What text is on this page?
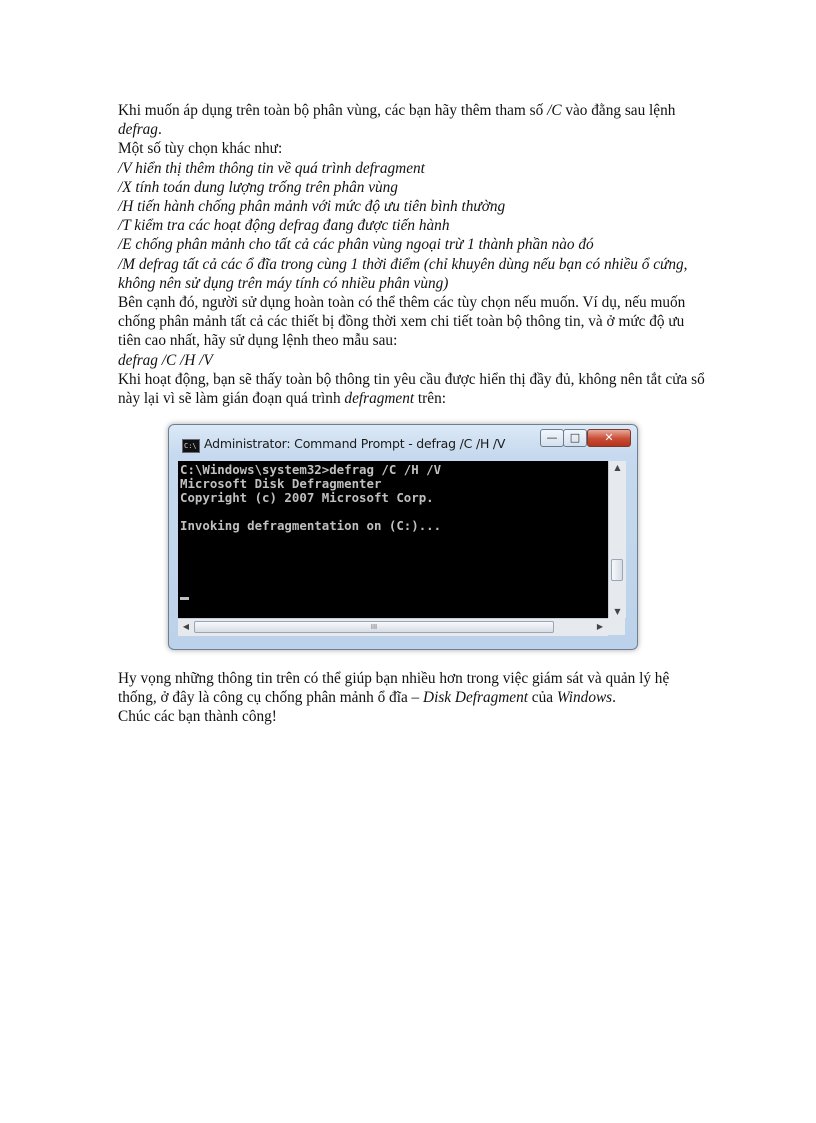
Khi muốn áp dụng trên toàn bộ phân vùng, các bạn hãy thêm tham số /C vào đằng sau lệnh defrag.

Một số tùy chọn khác như:

/V hiển thị thêm thông tin về quá trình defragment

/X tính toán dung lượng trống trên phân vùng

/H tiến hành chống phân mảnh với mức độ ưu tiên bình thường

/T kiểm tra các hoạt động defrag đang được tiến hành

/E chống phân mảnh cho tất cả các phân vùng ngoại trừ 1 thành phần nào đó

/M defrag tất cả các ổ đĩa trong cùng 1 thời điểm (chỉ khuyên dùng nếu bạn có nhiều ổ cứng, không nên sử dụng trên máy tính có nhiều phân vùng)

Bên cạnh đó, người sử dụng hoàn toàn có thể thêm các tùy chọn nếu muốn. Ví dụ, nếu muốn chống phân mảnh tất cả các thiết bị đồng thời xem chi tiết toàn bộ thông tin, và ở mức độ ưu tiên cao nhất, hãy sử dụng lệnh theo mẫu sau:

defrag /C /H /V

Khi hoạt động, bạn sẽ thấy toàn bộ thông tin yêu cầu được hiển thị đầy đủ, không nên tắt cửa sổ này lại vì sẽ làm gián đoạn quá trình defragment trên:

C:\ Administrator: Command Prompt - defrag /C /H /V	—	□	✕
C:\Windows\system32>defrag /C /H /V
Microsoft Disk Defragmenter
Copyright (c) 2007 Microsoft Corp.

Invoking defragmentation on (C:)...
▲
▼
◀	III	▶

Hy vọng những thông tin trên có thể giúp bạn nhiều hơn trong việc giám sát và quản lý hệ thống, ở đây là công cụ chống phân mảnh ổ đĩa – Disk Defragment của Windows.

Chúc các bạn thành công!
